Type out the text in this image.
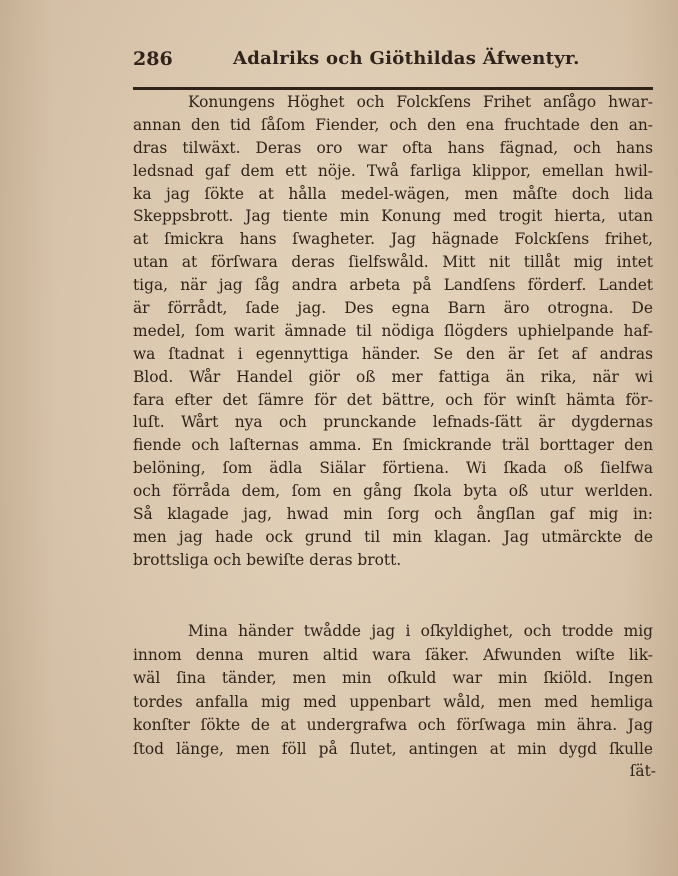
286	Adalriks och Giöthildas Äfwentyr.
Konungens Höghet och Folckſens Frihet anſågo hwar-
annan den tid ſåſom Fiender, och den ena fruchtade den an-
dras tilwäxt. Deras oro war ofta hans fägnad, och hans
ledsnad gaf dem ett nöje. Twå farliga klippor, emellan hwil-
ka jag ſökte at hålla medel-wägen, men måſte doch lida
Skeppsbrott. Jag tiente min Konung med trogit hierta, utan
at ſmickra hans ſwagheter. Jag hägnade Folckſens frihet,
utan at förſwara deras ſielfswåld. Mitt nit tillåt mig intet
tiga, när jag ſåg andra arbeta på Landſens förderf. Landet
är förrådt, ſade jag. Des egna Barn äro otrogna. De
medel, ſom warit ämnade til nödiga ſlögders uphielpande haf-
wa ſtadnat i egennyttiga händer. Se den är ſet af andras
Blod. Wår Handel giör oß mer fattiga än rika, när wi
fara efter det ſämre för det bättre, och för winſt hämta för-
luſt. Wårt nya och prunckande lefnads-ſätt är dygdernas
fiende och laſternas amma. En ſmickrande träl borttager den
belöning, ſom ädla Siälar förtiena. Wi ſkada oß ſielfwa
och förråda dem, ſom en gång ſkola byta oß utur werlden.
Så klagade jag, hwad min ſorg och ångſlan gaf mig in:
men jag hade ock grund til min klagan. Jag utmärckte de
brottsliga och bewiſte deras brott.
Mina händer twådde jag i oſkyldighet, och trodde mig
innom denna muren altid wara ſäker. Afwunden wiſte lik-
wäl ſina tänder, men min oſkuld war min ſkiöld. Ingen
tordes anfalla mig med uppenbart wåld, men med hemliga
konſter ſökte de at undergrafwa och förſwaga min ähra. Jag
ſtod länge, men föll på ſlutet, antingen at min dygd ſkulle
ſät-
